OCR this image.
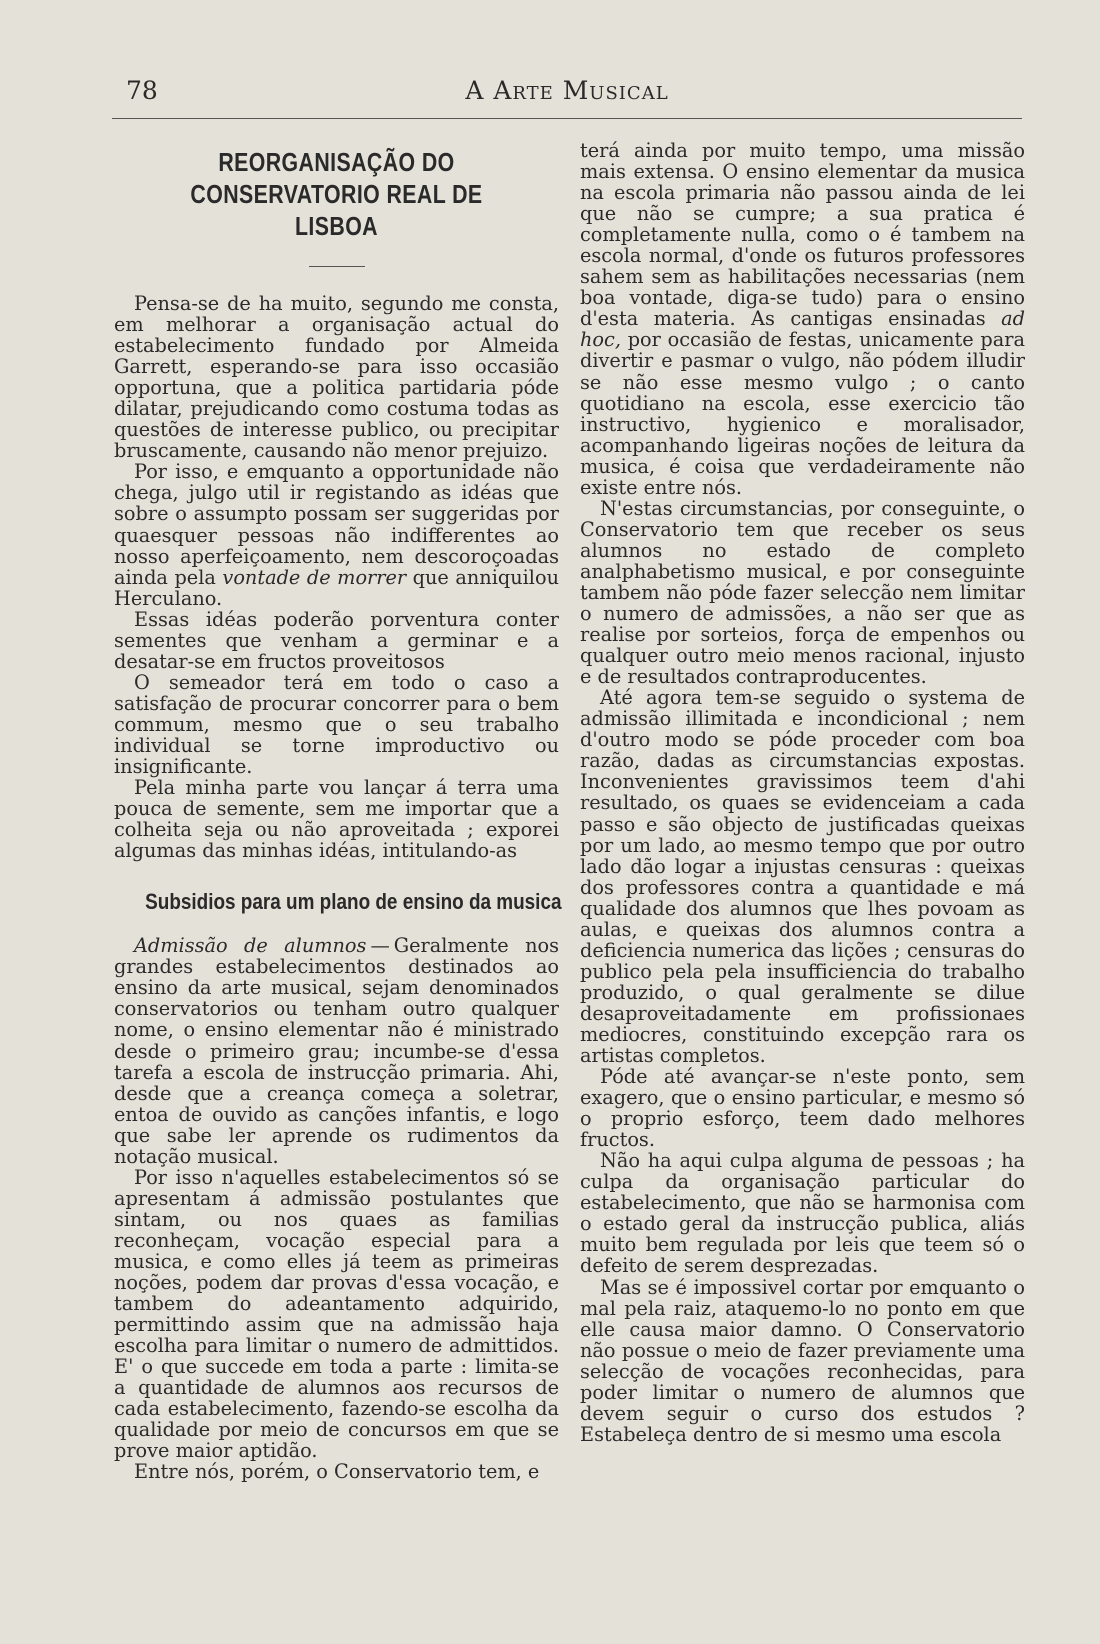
78	A Arte Musical
REORGANISAÇÃO DO CONSERVATORIO REAL DE LISBOA

Pensa-se de ha muito, segundo me consta, em melhorar a organisação actual do estabelecimento fundado por Almeida Garrett, esperando-se para isso occasião opportuna, que a politica partidaria póde dilatar, prejudicando como costuma todas as questões de interesse publico, ou precipitar bruscamente, causando não menor prejuizo.

Por isso, e emquanto a opportunidade não chega, julgo util ir registando as idéas que sobre o assumpto possam ser suggeridas por quaesquer pessoas não indifferentes ao nosso aperfeiçoamento, nem descoroçoadas ainda pela vontade de morrer que anniquilou Herculano.

Essas idéas poderão porventura conter sementes que venham a germinar e a desatar-se em fructos proveitosos

O semeador terá em todo o caso a satisfação de procurar concorrer para o bem commum, mesmo que o seu trabalho individual se torne improductivo ou insignificante.

Pela minha parte vou lançar á terra uma pouca de semente, sem me importar que a colheita seja ou não aproveitada ; exporei algumas das minhas idéas, intitulando-as

Subsidios para um plano de ensino da musica

Admissão de alumnos — Geralmente nos grandes estabelecimentos destinados ao ensino da arte musical, sejam denominados conservatorios ou tenham outro qualquer nome, o ensino elementar não é ministrado desde o primeiro grau; incumbe-se d'essa tarefa a escola de instrucção primaria. Ahi, desde que a creança começa a soletrar, entoa de ouvido as canções infantis, e logo que sabe ler aprende os rudimentos da notação musical.

Por isso n'aquelles estabelecimentos só se apresentam á admissão postulantes que sintam, ou nos quaes as familias reconheçam, vocação especial para a musica, e como elles já teem as primeiras noções, podem dar provas d'essa vocação, e tambem do adeantamento adquirido, permittindo assim que na admissão haja escolha para limitar o numero de admittidos. E' o que succede em toda a parte : limita-se a quantidade de alumnos aos recursos de cada estabelecimento, fazendo-se escolha da qualidade por meio de concursos em que se prove maior aptidão.

Entre nós, porém, o Conservatorio tem, e

terá ainda por muito tempo, uma missão mais extensa. O ensino elementar da musica na escola primaria não passou ainda de lei que não se cumpre; a sua pratica é completamente nulla, como o é tambem na escola normal, d'onde os futuros professores sahem sem as habilitações necessarias (nem boa vontade, diga-se tudo) para o ensino d'esta materia. As cantigas ensinadas ad hoc, por occasião de festas, unicamente para divertir e pasmar o vulgo, não pódem illudir se não esse mesmo vulgo ; o canto quotidiano na escola, esse exercicio tão instructivo, hygienico e moralisador, acompanhando ligeiras noções de leitura da musica, é coisa que verdadeiramente não existe entre nós.

N'estas circumstancias, por conseguinte, o Conservatorio tem que receber os seus alumnos no estado de completo analphabetismo musical, e por conseguinte tambem não póde fazer selecção nem limitar o numero de admissões, a não ser que as realise por sorteios, força de empenhos ou qualquer outro meio menos racional, injusto e de resultados contraproducentes.

Até agora tem-se seguido o systema de admissão illimitada e incondicional ; nem d'outro modo se póde proceder com boa razão, dadas as circumstancias expostas. Inconvenientes gravissimos teem d'ahi resultado, os quaes se evidenceiam a cada passo e são objecto de justificadas queixas por um lado, ao mesmo tempo que por outro lado dão logar a injustas censuras : queixas dos professores contra a quantidade e má qualidade dos alumnos que lhes povoam as aulas, e queixas dos alumnos contra a deficiencia numerica das lições ; censuras do publico pela pela insufficiencia do trabalho produzido, o qual geralmente se dilue desaproveitadamente em profissionaes mediocres, constituindo excepção rara os artistas completos.

Póde até avançar-se n'este ponto, sem exagero, que o ensino particular, e mesmo só o proprio esforço, teem dado melhores fructos.

Não ha aqui culpa alguma de pessoas ; ha culpa da organisação particular do estabelecimento, que não se harmonisa com o estado geral da instrucção publica, aliás muito bem regulada por leis que teem só o defeito de serem desprezadas.

Mas se é impossivel cortar por emquanto o mal pela raiz, ataquemo-lo no ponto em que elle causa maior damno. O Conservatorio não possue o meio de fazer previamente uma selecção de vocações reconhecidas, para poder limitar o numero de alumnos que devem seguir o curso dos estudos ? Estabeleça dentro de si mesmo uma escola
